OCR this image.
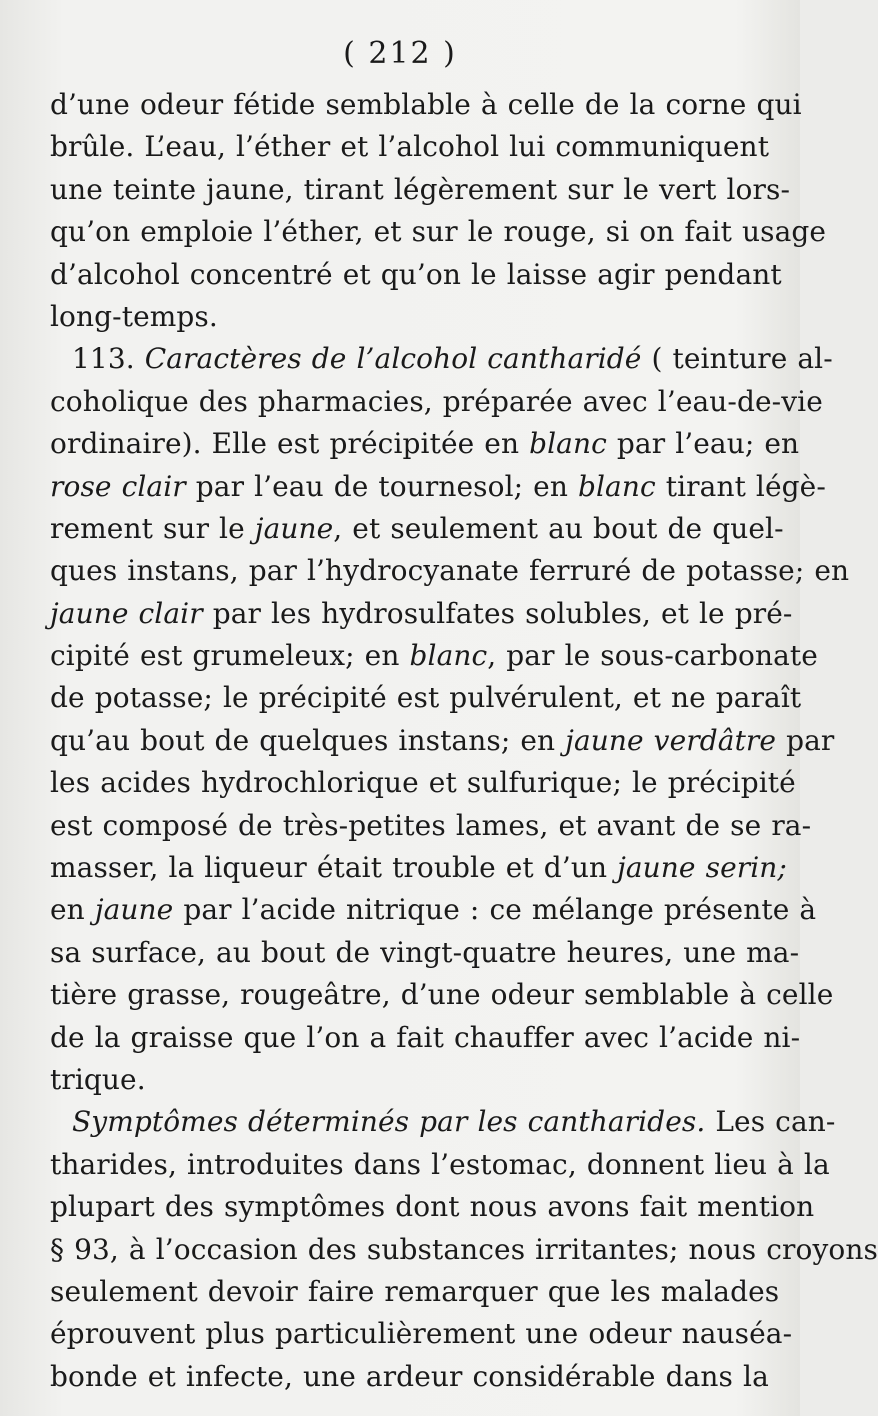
( 212 )
d’une odeur fétide semblable à celle de la corne qui
brûle. L’eau, l’éther et l’alcohol lui communiquent
une teinte jaune, tirant légèrement sur le vert lors-
qu’on emploie l’éther, et sur le rouge, si on fait usage
d’alcohol concentré et qu’on le laisse agir pendant
long-temps.
113. Caractères de l’alcohol cantharidé ( teinture al-
coholique des pharmacies, préparée avec l’eau-de-vie
ordinaire). Elle est précipitée en blanc par l’eau; en
rose clair par l’eau de tournesol; en blanc tirant légè-
rement sur le jaune, et seulement au bout de quel-
ques instans, par l’hydrocyanate ferruré de potasse; en
jaune clair par les hydrosulfates solubles, et le pré-
cipité est grumeleux; en blanc, par le sous-carbonate
de potasse; le précipité est pulvérulent, et ne paraît
qu’au bout de quelques instans; en jaune verdâtre par
les acides hydrochlorique et sulfurique; le précipité
est composé de très-petites lames, et avant de se ra-
masser, la liqueur était trouble et d’un jaune serin;
en jaune par l’acide nitrique : ce mélange présente à
sa surface, au bout de vingt-quatre heures, une ma-
tière grasse, rougeâtre, d’une odeur semblable à celle
de la graisse que l’on a fait chauffer avec l’acide ni-
trique.
Symptômes déterminés par les cantharides. Les can-
tharides, introduites dans l’estomac, donnent lieu à la
plupart des symptômes dont nous avons fait mention
§ 93, à l’occasion des substances irritantes; nous croyons
seulement devoir faire remarquer que les malades
éprouvent plus particulièrement une odeur nauséa-
bonde et infecte, une ardeur considérable dans la
